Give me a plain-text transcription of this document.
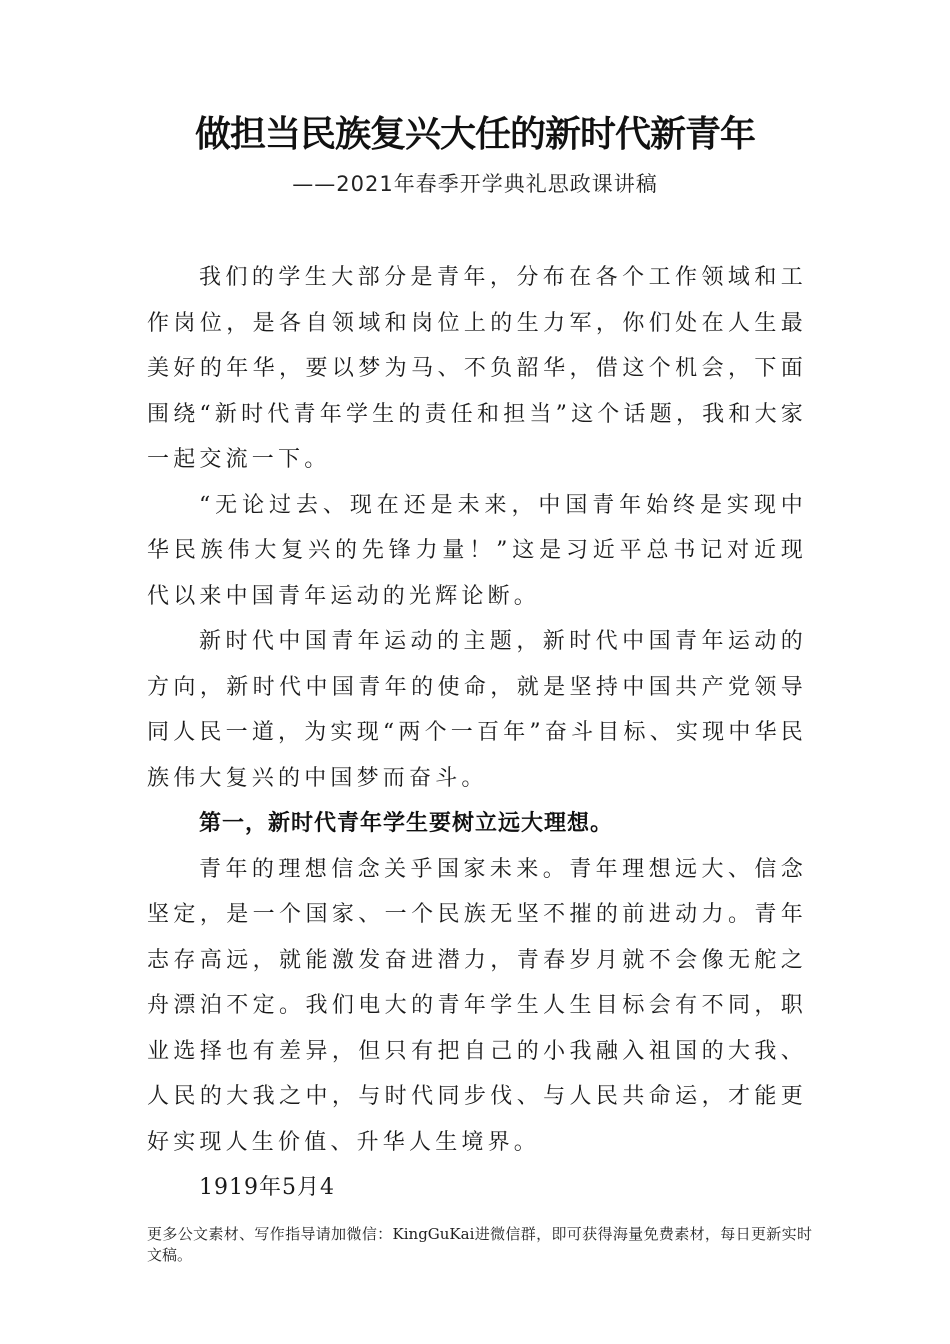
做担当民族复兴大任的新时代新青年
——2021年春季开学典礼思政课讲稿

我们的学生大部分是青年，分布在各个工作领域和工作岗位，是各自领域和岗位上的生力军，你们处在人生最美好的年华，要以梦为马、不负韶华，借这个机会，下面围绕“新时代青年学生的责任和担当”这个话题，我和大家一起交流一下。

“无论过去、现在还是未来，中国青年始终是实现中华民族伟大复兴的先锋力量！”这是习近平总书记对近现代以来中国青年运动的光辉论断。

新时代中国青年运动的主题，新时代中国青年运动的方向，新时代中国青年的使命，就是坚持中国共产党领导同人民一道，为实现“两个一百年”奋斗目标、实现中华民族伟大复兴的中国梦而奋斗。

第一，新时代青年学生要树立远大理想。

青年的理想信念关乎国家未来。青年理想远大、信念坚定，是一个国家、一个民族无坚不摧的前进动力。青年志存高远，就能激发奋进潜力，青春岁月就不会像无舵之舟漂泊不定。我们电大的青年学生人生目标会有不同，职业选择也有差异，但只有把自己的小我融入祖国的大我、人民的大我之中，与时代同步伐、与人民共命运，才能更好实现人生价值、升华人生境界。

1919年5月4

更多公文素材、写作指导请加微信：KingGuKai进微信群，即可获得海量免费素材，每日更新实时文稿。
